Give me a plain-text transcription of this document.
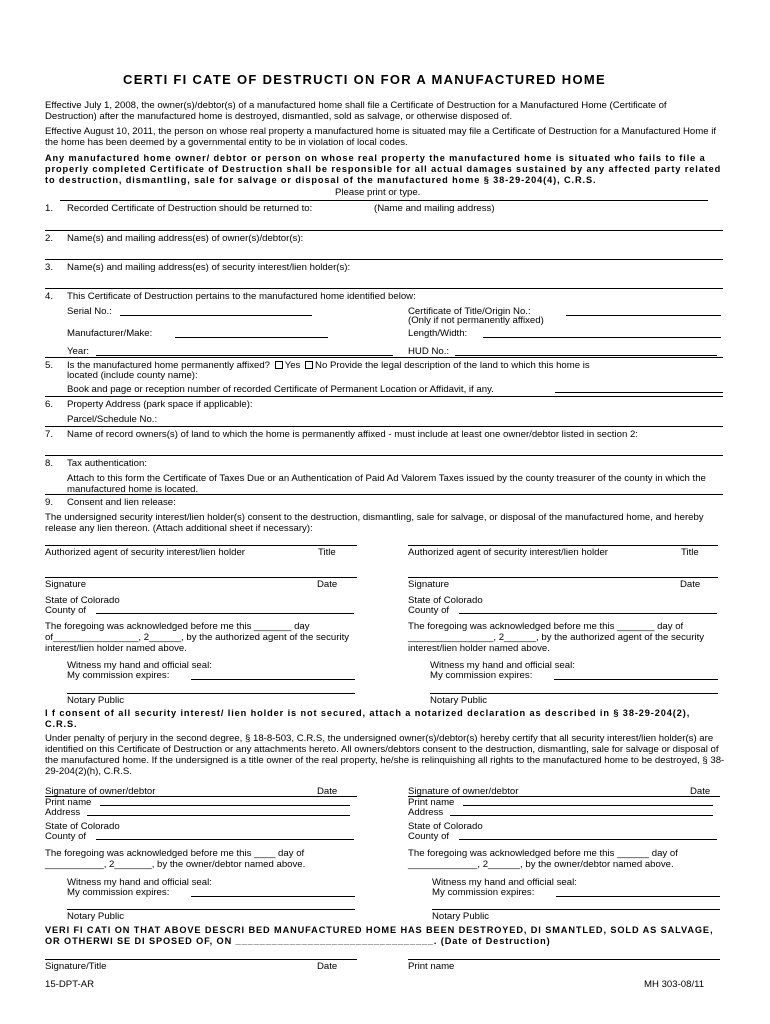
CERTI FI CATE OF DESTRUCTI ON FOR A MANUFACTURED HOME
Effective July 1, 2008, the owner(s)/debtor(s) of a manufactured home shall file a Certificate of Destruction for a Manufactured Home (Certificate of Destruction) after the manufactured home is destroyed, dismantled, sold as salvage, or otherwise disposed of.
Effective August 10, 2011, the person on whose real property a manufactured home is situated may file a Certificate of Destruction for a Manufactured Home if the home has been deemed by a governmental entity to be in violation of local codes.
Any manufactured home owner/ debtor or person on whose real property the manufactured home is situated who fails to file a properly completed Certificate of Destruction shall be responsible for all actual damages sustained by any affected party related to destruction, dismantling, sale for salvage or disposal of the manufactured home § 38-29-204(4), C.R.S.
Please print or type.
1. Recorded Certificate of Destruction should be returned to:	(Name and mailing address)
2. Name(s) and mailing address(es) of owner(s)/debtor(s):
3. Name(s) and mailing address(es) of security interest/lien holder(s):
4. This Certificate of Destruction pertains to the manufactured home identified below:
Serial No.:	Certificate of Title/Origin No.:
(Only if not permanently affixed)
Manufacturer/Make:	Length/Width:
Year:	HUD No.:
5. Is the manufactured home permanently affixed? Yes No Provide the legal description of the land to which this home is
located (include county name):
Book and page or reception number of recorded Certificate of Permanent Location or Affidavit, if any.
6. Property Address (park space if applicable):
Parcel/Schedule No.:
7. Name of record owners(s) of land to which the home is permanently affixed - must include at least one owner/debtor listed in section 2:
8. Tax authentication:
Attach to this form the Certificate of Taxes Due or an Authentication of Paid Ad Valorem Taxes issued by the county treasurer of the county in which the manufactured home is located.
9. Consent and lien release:
The undersigned security interest/lien holder(s) consent to the destruction, dismantling, sale for salvage, or disposal of the manufactured home, and hereby release any lien thereon. (Attach additional sheet if necessary):
Authorized agent of security interest/lien holder	Title
Signature	Date
State of Colorado
County of
The foregoing was acknowledged before me this _______ day of________________, 2______, by the authorized agent of the security interest/lien holder named above.
Witness my hand and official seal:
My commission expires:
Notary Public
Authorized agent of security interest/lien holder	Title
Signature	Date
State of Colorado
County of
The foregoing was acknowledged before me this _______ day of ________________, 2______, by the authorized agent of the security interest/lien holder named above.
Witness my hand and official seal:
My commission expires:
Notary Public
I f consent of all security interest/ lien holder is not secured, attach a notarized declaration as described in § 38-29-204(2), C.R.S.
Under penalty of perjury in the second degree, § 18-8-503, C.R.S, the undersigned owner(s)/debtor(s) hereby certify that all security interest/lien holder(s) are identified on this Certificate of Destruction or any attachments hereto. All owners/debtors consent to the destruction, dismantling, sale for salvage or disposal of the manufactured home. If the undersigned is a title owner of the real property, he/she is relinquishing all rights to the manufactured home to be destroyed, § 38-29-204(2)(h), C.R.S.
Signature of owner/debtor	Date
Print name
Address
State of Colorado
County of
The foregoing was acknowledged before me this ____ day of ___________, 2_______, by the owner/debtor named above.
Witness my hand and official seal:
My commission expires:
Notary Public
Signature of owner/debtor	Date
Print name
Address
State of Colorado
County of
The foregoing was acknowledged before me this ______ day of _____________, 2______, by the owner/debtor named above.
Witness my hand and official seal:
My commission expires:
Notary Public
VERI FI CATI ON THAT ABOVE DESCRI BED MANUFACTURED HOME HAS BEEN DESTROYED, DI SMANTLED, SOLD AS SALVAGE, OR OTHERWI SE DI SPOSED OF, ON _________________________________. (Date of Destruction)
Signature/Title	Date	Print name
15-DPT-AR	MH 303-08/11
